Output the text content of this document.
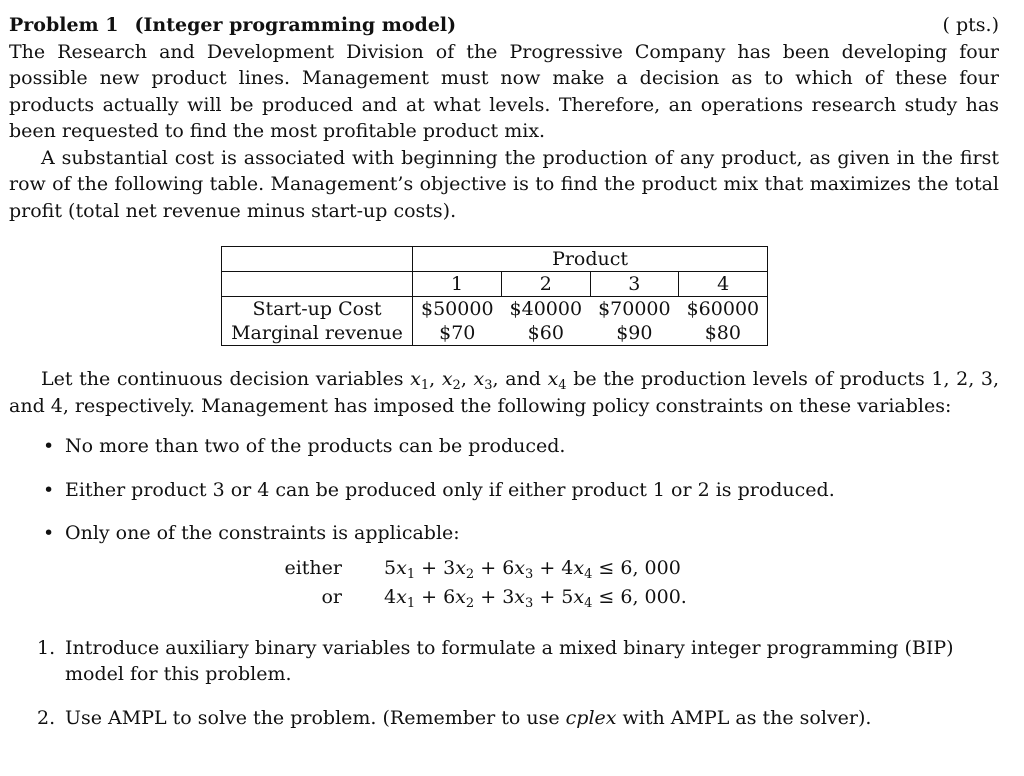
Problem 1 (Integer programming model)	( pts.)

The Research and Development Division of the Progressive Company has been developing four possible new product lines. Management must now make a decision as to which of these four products actually will be produced and at what levels. Therefore, an operations research study has been requested to find the most profitable product mix.

A substantial cost is associated with beginning the production of any product, as given in the first row of the following table. Management’s objective is to find the product mix that maximizes the total profit (total net revenue minus start-up costs).

	Product			
	1	2	3	4
Start-up Cost	$50000	$40000	$70000	$60000
Marginal revenue	$70	$60	$90	$80

Let the continuous decision variables $x_1$, $x_2$, $x_3$, and $x_4$ be the production levels of products 1, 2, 3, and 4, respectively. Management has imposed the following policy constraints on these variables:

• No more than two of the products can be produced.
• Either product 3 or 4 can be produced only if either product 1 or 2 is produced.
• Only one of the constraints is applicable:
either	$5x_1 + 3x_2 + 6x_3 + 4x_4 \le 6$, 000
or	$4x_1 + 6x_2 + 3x_3 + 5x_4 \le 6$, 000.
1. Introduce auxiliary binary variables to formulate a mixed binary integer programming (BIP) model for this problem.
2. Use AMPL to solve the problem. (Remember to use cplex with AMPL as the solver).
